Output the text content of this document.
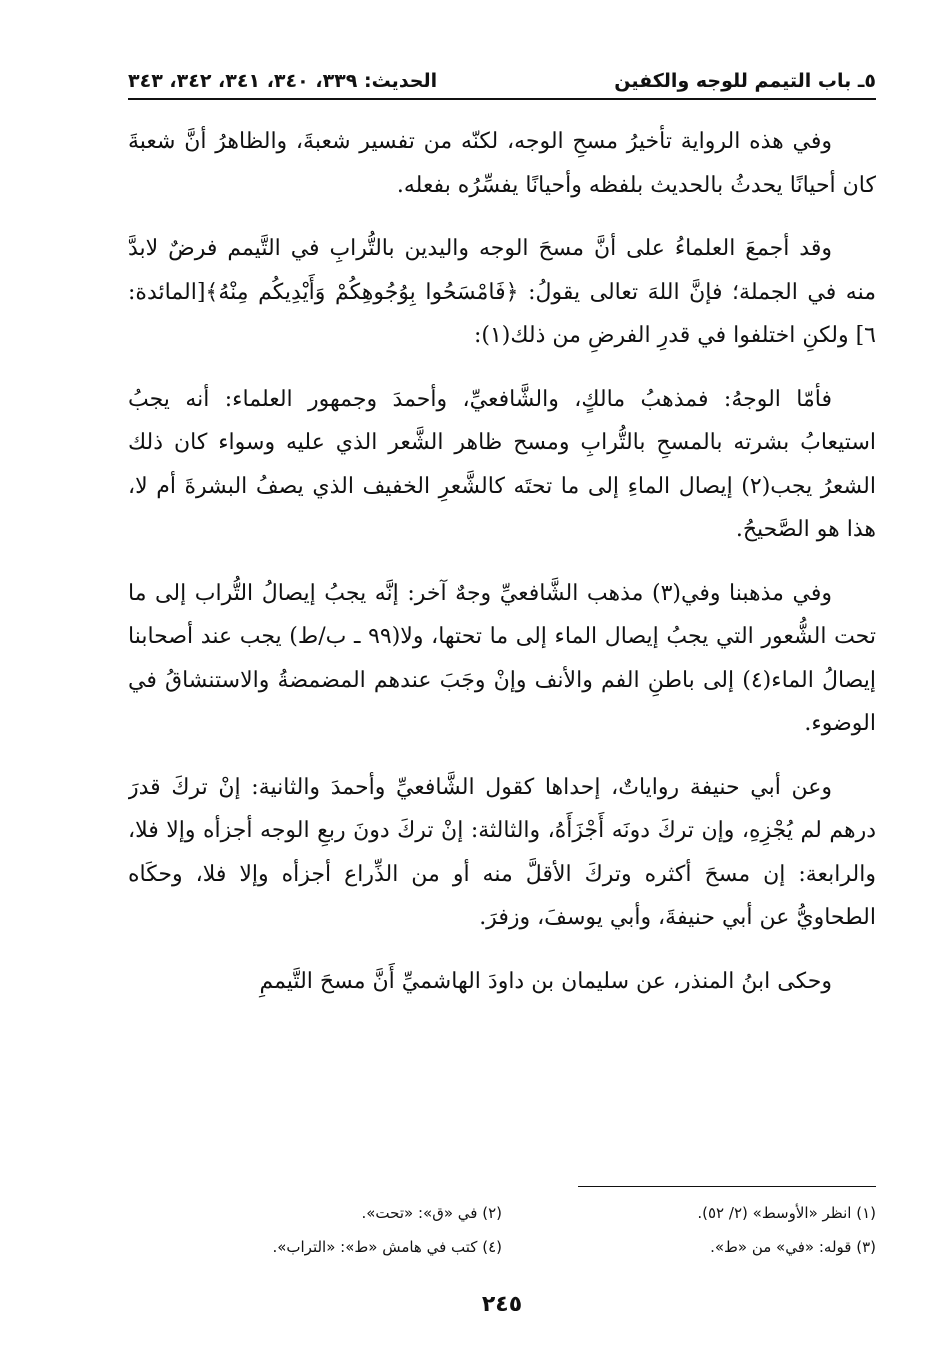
٥ـ باب التيمم للوجه والكفين
الحديث: ٣٣٩، ٣٤٠، ٣٤١، ٣٤٢، ٣٤٣

وفي هذه الرواية تأخيرُ مسحِ الوجه، لكنّه من تفسير شعبةَ، والظاهرُ أنَّ شعبةَ كان أحيانًا يحدثُ بالحديث بلفظه وأحيانًا يفسِّرُه بفعله.

وقد أجمعَ العلماءُ على أنَّ مسحَ الوجه واليدين بالتُّرابِ في التَّيمم فرضٌ لابدَّ منه في الجملة؛ فإنَّ اللهَ تعالى يقولُ: ﴿فَامْسَحُوا بِوُجُوهِكُمْ وَأَيْدِيكُم مِنْهُ﴾[المائدة: ٦] ولكنِ اختلفوا في قدرِ الفرضِ من ذلك(١):

فأمّا الوجهُ: فمذهبُ مالكٍ، والشَّافعيِّ، وأحمدَ وجمهور العلماء: أنه يجبُ استيعابُ بشرته بالمسحِ بالتُّرابِ ومسح ظاهر الشَّعر الذي عليه وسواء كان ذلك الشعرُ يجب(٢) إيصال الماءِ إلى ما تحتَه كالشَّعرِ الخفيف الذي يصفُ البشرةَ أم لا، هذا هو الصَّحيحُ.

وفي مذهبنا وفي(٣) مذهب الشَّافعيِّ وجهٌ آخر: إنَّه يجبُ إيصالُ التُّراب إلى ما تحت الشُّعور التي يجبُ إيصال الماء إلى ما تحتها، ولا(٩٩ ـ ب/ط) يجب عند أصحابنا إيصالُ الماء(٤) إلى باطنِ الفم والأنف وإنْ وجَبَ عندهم المضمضةُ والاستنشاقُ في الوضوء.

وعن أبي حنيفة رواياتٌ، إحداها كقول الشَّافعيِّ وأحمدَ والثانية: إنْ تركَ قدرَ درهم لم يُجْزِهِ، وإن تركَ دونَه أَجْزَأَهُ، والثالثة: إنْ تركَ دونَ ربعِ الوجه أجزأه وإلا فلا، والرابعة: إن مسحَ أكثره وتركَ الأقلَّ منه أو من الذِّراع أجزأه وإلا فلا، وحكَاه الطحاويُّ عن أبي حنيفةَ، وأبي يوسفَ، وزفرَ.

وحكى ابنُ المنذر، عن سليمان بن داودَ الهاشميِّ أَنَّ مسحَ التَّيممِ

(١) انظر «الأوسط» (٢/ ٥٢).
(٢) في «ق»: «تحت».
(٣) قوله: «في» من «ط».
(٤) كتب في هامش «ط»: «التراب».
٢٤٥
